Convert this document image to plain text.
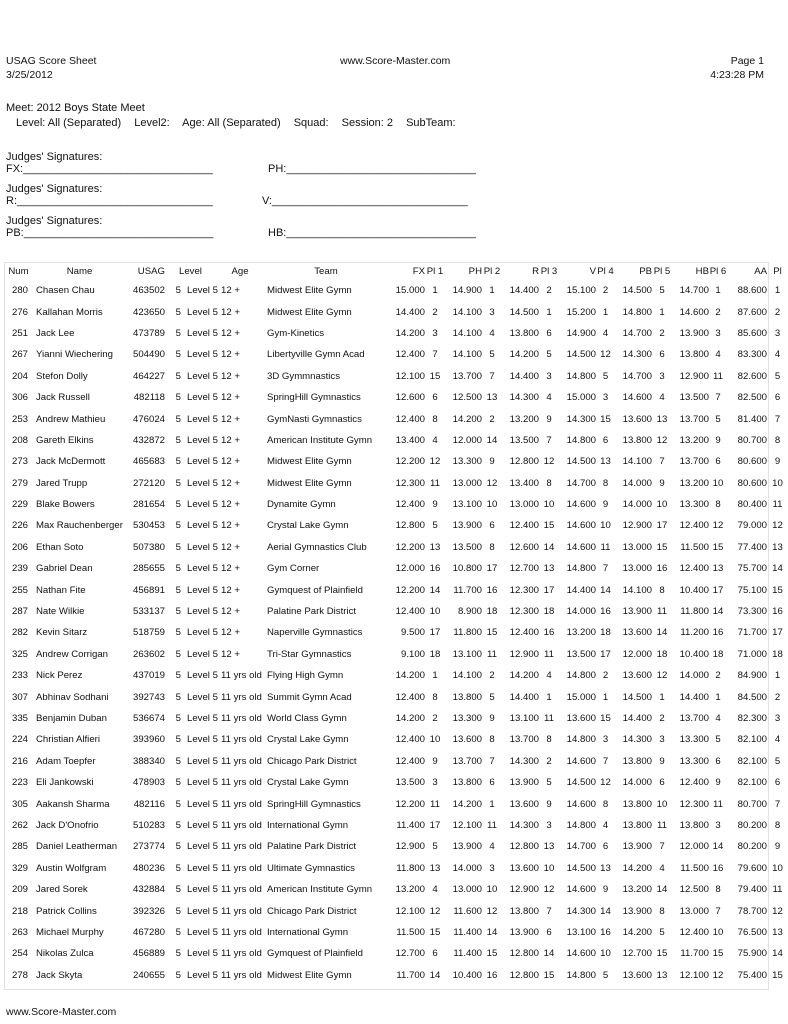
USAG Score Sheet
3/25/2012
www.Score-Master.com	Page 1
4:23:28 PM
Meet: 2012 Boys State Meet
Level: All (Separated) Level2: Age: All (Separated) Squad: Session: 2 SubTeam:
Judges' Signatures: FX:_______________________________	PH:_______________________________
Judges' Signatures: R:________________________________	V:________________________________
Judges' Signatures: PB:_______________________________	HB:_______________________________
Num	Name	USAG	Level		Age	Team	FX	Pl 1	PH	Pl 2	R	Pl 3	V	Pl 4	PB	Pl 5	HB	Pl 6	AA	Pl
280	Chasen Chau	463502	5	Level 5	12 +	Midwest Elite Gymn	15.000	1	14.900	1	14.400	2	15.100	2	14.500	5	14.700	1	88.600	1
276	Kallahan Morris	423650	5	Level 5	12 +	Midwest Elite Gymn	14.400	2	14.100	3	14.500	1	15.200	1	14.800	1	14.600	2	87.600	2
251	Jack Lee	473789	5	Level 5	12 +	Gym-Kinetics	14.200	3	14.100	4	13.800	6	14.900	4	14.700	2	13.900	3	85.600	3
267	Yianni Wiechering	504490	5	Level 5	12 +	Libertyville Gymn Acad	12.400	7	14.100	5	14.200	5	14.500	12	14.300	6	13.800	4	83.300	4
204	Stefon Dolly	464227	5	Level 5	12 +	3D Gymmnastics	12.100	15	13.700	7	14.400	3	14.800	5	14.700	3	12.900	11	82.600	5
306	Jack Russell	482118	5	Level 5	12 +	SpringHill Gymnastics	12.600	6	12.500	13	14.300	4	15.000	3	14.600	4	13.500	7	82.500	6
253	Andrew Mathieu	476024	5	Level 5	12 +	GymNasti Gymnastics	12.400	8	14.200	2	13.200	9	14.300	15	13.600	13	13.700	5	81.400	7
208	Gareth Elkins	432872	5	Level 5	12 +	American Institute Gymn	13.400	4	12.000	14	13.500	7	14.800	6	13.800	12	13.200	9	80.700	8
273	Jack McDermott	465683	5	Level 5	12 +	Midwest Elite Gymn	12.200	12	13.300	9	12.800	12	14.500	13	14.100	7	13.700	6	80.600	9
279	Jared Trupp	272120	5	Level 5	12 +	Midwest Elite Gymn	12.300	11	13.000	12	13.400	8	14.700	8	14.000	9	13.200	10	80.600	10
229	Blake Bowers	281654	5	Level 5	12 +	Dynamite Gymn	12.400	9	13.100	10	13.000	10	14.600	9	14.000	10	13.300	8	80.400	11
226	Max Rauchenberger	530453	5	Level 5	12 +	Crystal Lake Gymn	12.800	5	13.900	6	12.400	15	14.600	10	12.900	17	12.400	12	79.000	12
206	Ethan Soto	507380	5	Level 5	12 +	Aerial Gymnastics Club	12.200	13	13.500	8	12.600	14	14.600	11	13.000	15	11.500	15	77.400	13
239	Gabriel Dean	285655	5	Level 5	12 +	Gym Corner	12.000	16	10.800	17	12.700	13	14.800	7	13.000	16	12.400	13	75.700	14
255	Nathan Fite	456891	5	Level 5	12 +	Gymquest of Plainfield	12.200	14	11.700	16	12.300	17	14.400	14	14.100	8	10.400	17	75.100	15
287	Nate Wilkie	533137	5	Level 5	12 +	Palatine Park District	12.400	10	8.900	18	12.300	18	14.000	16	13.900	11	11.800	14	73.300	16
282	Kevin Sitarz	518759	5	Level 5	12 +	Naperville Gymnastics	9.500	17	11.800	15	12.400	16	13.200	18	13.600	14	11.200	16	71.700	17
325	Andrew Corrigan	263602	5	Level 5	12 +	Tri-Star Gymnastics	9.100	18	13.100	11	12.900	11	13.500	17	12.000	18	10.400	18	71.000	18
233	Nick Perez	437019	5	Level 5	11 yrs old	Flying High Gymn	14.200	1	14.100	2	14.200	4	14.800	2	13.600	12	14.000	2	84.900	1
307	Abhinav Sodhani	392743	5	Level 5	11 yrs old	Summit Gymn Acad	12.400	8	13.800	5	14.400	1	15.000	1	14.500	1	14.400	1	84.500	2
335	Benjamin Duban	536674	5	Level 5	11 yrs old	World Class Gymn	14.200	2	13.300	9	13.100	11	13.600	15	14.400	2	13.700	4	82.300	3
224	Christian Alfieri	393960	5	Level 5	11 yrs old	Crystal Lake Gymn	12.400	10	13.600	8	13.700	8	14.800	3	14.300	3	13.300	5	82.100	4
216	Adam Toepfer	388340	5	Level 5	11 yrs old	Chicago Park District	12.400	9	13.700	7	14.300	2	14.600	7	13.800	9	13.300	6	82.100	5
223	Eli Jankowski	478903	5	Level 5	11 yrs old	Crystal Lake Gymn	13.500	3	13.800	6	13.900	5	14.500	12	14.000	6	12.400	9	82.100	6
305	Aakansh Sharma	482116	5	Level 5	11 yrs old	SpringHill Gymnastics	12.200	11	14.200	1	13.600	9	14.600	8	13.800	10	12.300	11	80.700	7
262	Jack D'Onofrio	510283	5	Level 5	11 yrs old	International Gymn	11.400	17	12.100	11	14.300	3	14.800	4	13.800	11	13.800	3	80.200	8
285	Daniel Leatherman	273774	5	Level 5	11 yrs old	Palatine Park District	12.900	5	13.900	4	12.800	13	14.700	6	13.900	7	12.000	14	80.200	9
329	Austin Wolfgram	480236	5	Level 5	11 yrs old	Ultimate Gymnastics	11.800	13	14.000	3	13.600	10	14.500	13	14.200	4	11.500	16	79.600	10
209	Jared Sorek	432884	5	Level 5	11 yrs old	American Institute Gymn	13.200	4	13.000	10	12.900	12	14.600	9	13.200	14	12.500	8	79.400	11
218	Patrick Collins	392326	5	Level 5	11 yrs old	Chicago Park District	12.100	12	11.600	12	13.800	7	14.300	14	13.900	8	13.000	7	78.700	12
263	Michael Murphy	467280	5	Level 5	11 yrs old	International Gymn	11.500	15	11.400	14	13.900	6	13.100	16	14.200	5	12.400	10	76.500	13
254	Nikolas Zulca	456889	5	Level 5	11 yrs old	Gymquest of Plainfield	12.700	6	11.400	15	12.800	14	14.600	10	12.700	15	11.700	15	75.900	14
278	Jack Skyta	240655	5	Level 5	11 yrs old	Midwest Elite Gymn	11.700	14	10.400	16	12.800	15	14.800	5	13.600	13	12.100	12	75.400	15
www.Score-Master.com
